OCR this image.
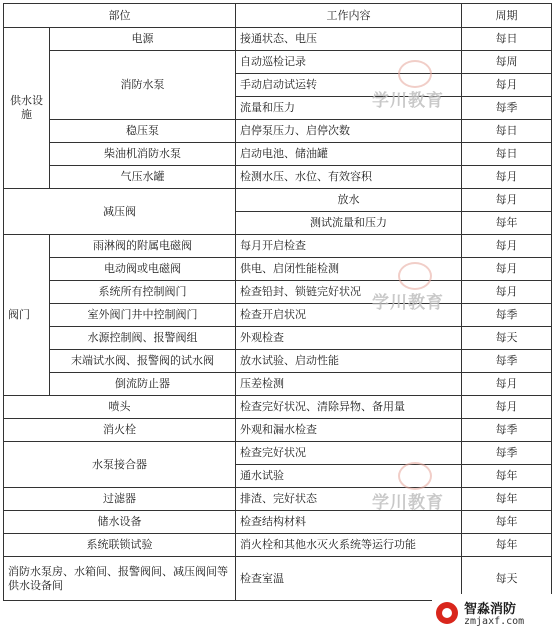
部位		工作内容	周期
供水设施	电源	接通状态、电压	每日
	消防水泵	自动巡检记录	每周
		手动启动试运转	每月
		流量和压力	每季
	稳压泵	启停泵压力、启停次数	每日
	柴油机消防水泵	启动电池、储油罐	每日
	气压水罐	检测水压、水位、有效容积	每月
减压阀		放水	每月
		测试流量和压力	每年
阀门	雨淋阀的附属电磁阀	每月开启检查	每月
	电动阀或电磁阀	供电、启闭性能检测	每月
	系统所有控制阀门	检查铅封、锁链完好状况	每月
	室外阀门井中控制阀门	检查开启状况	每季
	水源控制阀、报警阀组	外观检查	每天
	末端试水阀、报警阀的试水阀	放水试验、启动性能	每季
	倒流防止器	压差检测	每月
喷头		检查完好状况、清除异物、备用量	每月
消火栓		外观和漏水检查	每季
水泵接合器		检查完好状况	每季
		通水试验	每年
过滤器		排渣、完好状态	每年
储水设备		检查结构材料	每年
系统联锁试验		消火栓和其他水灭火系统等运行功能	每年
消防水泵房、水箱间、报警阀间、减压阀间等供水设备间		检查室温	每天
学川教育
学川教育
学川教育
智淼消防
zmjaxf.com
